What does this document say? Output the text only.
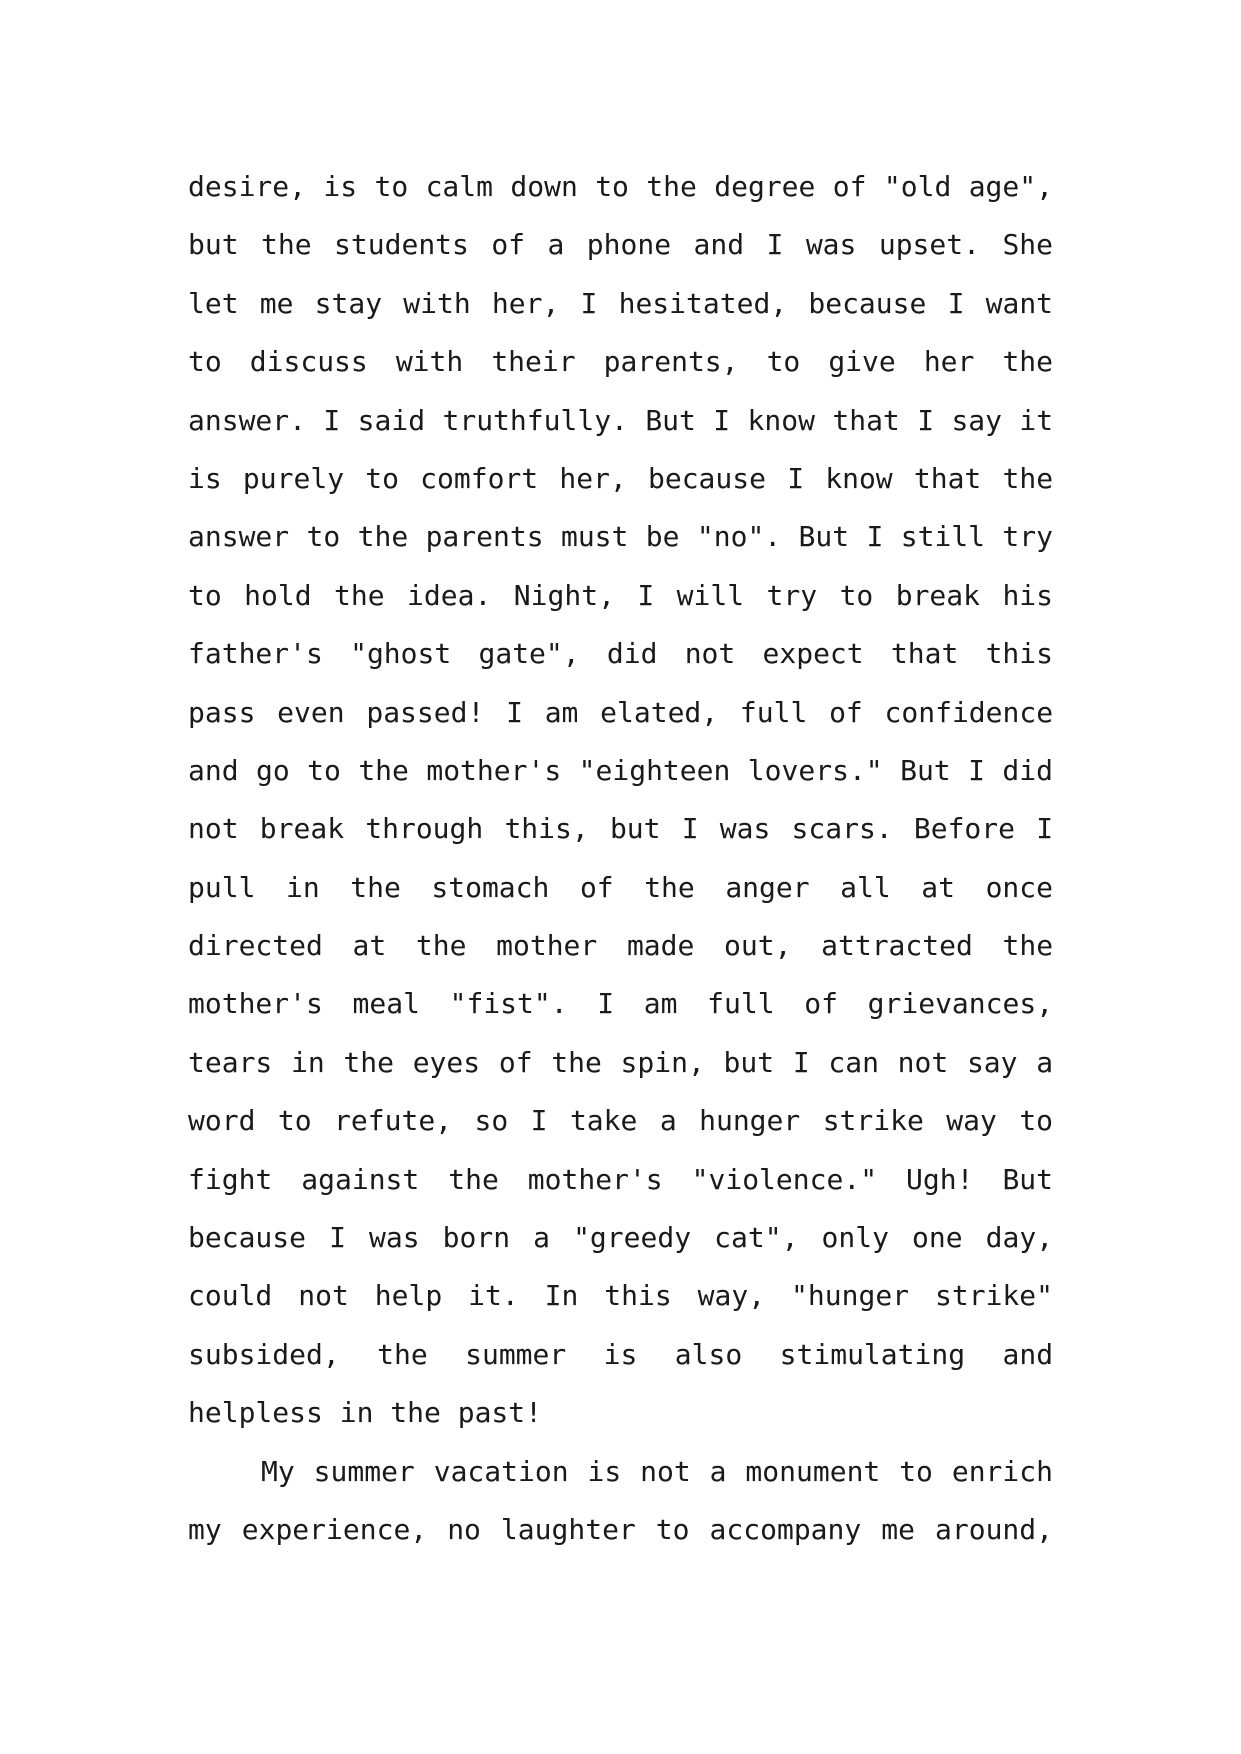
desire, is to calm down to the degree of "old age",
but the students of a phone and I was upset. She
let me stay with her, I hesitated, because I want
to discuss with their parents, to give her the
answer. I said truthfully. But I know that I say it
is purely to comfort her, because I know that the
answer to the parents must be "no". But I still try
to hold the idea. Night, I will try to break his
father's "ghost gate", did not expect that this
pass even passed! I am elated, full of confidence
and go to the mother's "eighteen lovers." But I did
not break through this, but I was scars. Before I
pull in the stomach of the anger all at once
directed at the mother made out, attracted the
mother's meal "fist". I am full of grievances,
tears in the eyes of the spin, but I can not say a
word to refute, so I take a hunger strike way to
fight against the mother's "violence." Ugh! But
because I was born a "greedy cat", only one day,
could not help it. In this way, "hunger strike"
subsided, the summer is also stimulating and
helpless in the past!
My summer vacation is not a monument to enrich
my experience, no laughter to accompany me around,
